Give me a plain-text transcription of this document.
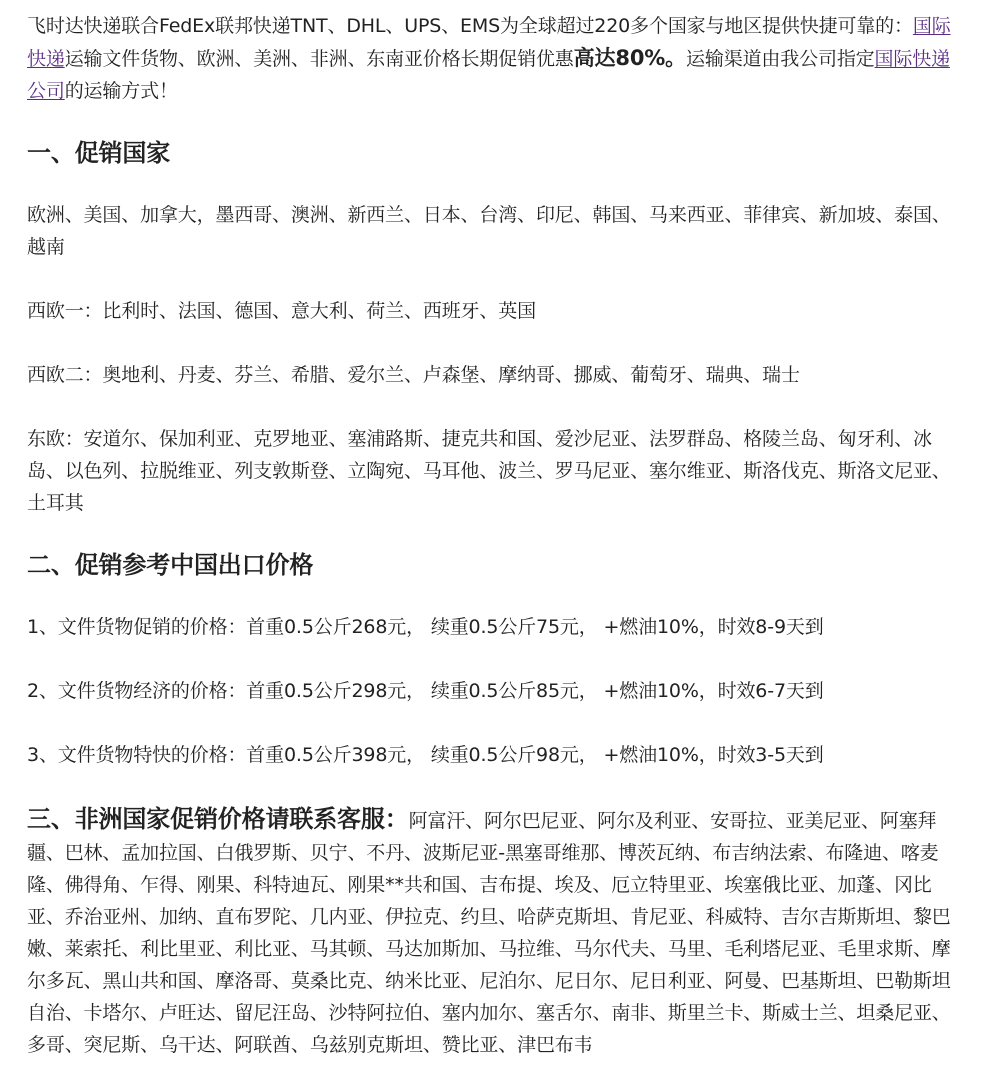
飞时达快递联合FedEx联邦快递TNT、DHL、UPS、EMS为全球超过220多个国家与地区提供快捷可靠的：国际快递运输文件货物、欧洲、美洲、非洲、东南亚价格长期促销优惠高达80%。运输渠道由我公司指定国际快递公司的运输方式！

一、促销国家

欧洲、美国、加拿大，墨西哥、澳洲、新西兰、日本、台湾、印尼、韩国、马来西亚、菲律宾、新加坡、泰国、越南

西欧一：比利时、法国、德国、意大利、荷兰、西班牙、英国

西欧二：奥地利、丹麦、芬兰、希腊、爱尔兰、卢森堡、摩纳哥、挪威、葡萄牙、瑞典、瑞士

东欧：安道尔、保加利亚、克罗地亚、塞浦路斯、捷克共和国、爱沙尼亚、法罗群岛、格陵兰岛、匈牙利、冰岛、以色列、拉脱维亚、列支敦斯登、立陶宛、马耳他、波兰、罗马尼亚、塞尔维亚、斯洛伐克、斯洛文尼亚、土耳其

二、促销参考中国出口价格

1、文件货物促销的价格：首重0.5公斤268元， 续重0.5公斤75元， +燃油10%，时效8-9天到

2、文件货物经济的价格：首重0.5公斤298元， 续重0.5公斤85元， +燃油10%，时效6-7天到

3、文件货物特快的价格：首重0.5公斤398元， 续重0.5公斤98元， +燃油10%，时效3-5天到

三、非洲国家促销价格请联系客服：阿富汗、阿尔巴尼亚、阿尔及利亚、安哥拉、亚美尼亚、阿塞拜疆、巴林、孟加拉国、白俄罗斯、贝宁、不丹、波斯尼亚-黑塞哥维那、博茨瓦纳、布吉纳法索、布隆迪、喀麦隆、佛得角、乍得、刚果、科特迪瓦、刚果**共和国、吉布提、埃及、厄立特里亚、埃塞俄比亚、加蓬、冈比亚、乔治亚州、加纳、直布罗陀、几内亚、伊拉克、约旦、哈萨克斯坦、肯尼亚、科威特、吉尔吉斯斯坦、黎巴嫩、莱索托、利比里亚、利比亚、马其顿、马达加斯加、马拉维、马尔代夫、马里、毛利塔尼亚、毛里求斯、摩尔多瓦、黑山共和国、摩洛哥、莫桑比克、纳米比亚、尼泊尔、尼日尔、尼日利亚、阿曼、巴基斯坦、巴勒斯坦自治、卡塔尔、卢旺达、留尼汪岛、沙特阿拉伯、塞内加尔、塞舌尔、南非、斯里兰卡、斯威士兰、坦桑尼亚、多哥、突尼斯、乌干达、阿联酋、乌兹别克斯坦、赞比亚、津巴布韦
